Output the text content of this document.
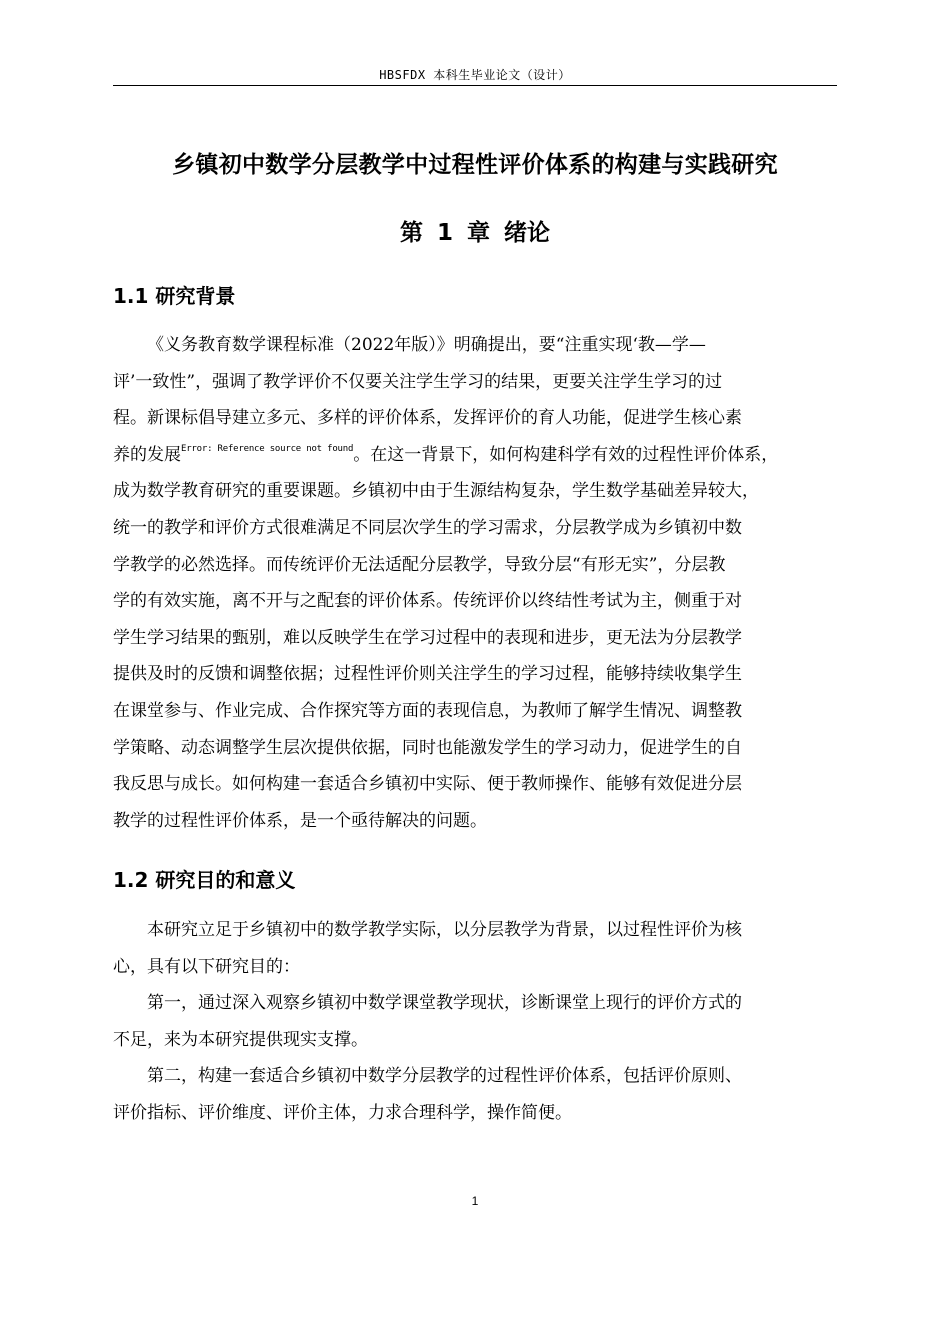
HBSFDX 本科生毕业论文（设计）
乡镇初中数学分层教学中过程性评价体系的构建与实践研究
第 1 章 绪论
1.1 研究背景
《义务教育数学课程标准（2022年版）》明确提出，要“注重实现‘教—学—
评’一致性”，强调了教学评价不仅要关注学生学习的结果，更要关注学生学习的过
程。新课标倡导建立多元、多样的评价体系，发挥评价的育人功能，促进学生核心素
养的发展$^{Error: Reference source not found}$。在这一背景下，如何构建科学有效的过程性评价体系，
成为数学教育研究的重要课题。乡镇初中由于生源结构复杂，学生数学基础差异较大，
统一的教学和评价方式很难满足不同层次学生的学习需求，分层教学成为乡镇初中数
学教学的必然选择。而传统评价无法适配分层教学，导致分层“有形无实”，分层教
学的有效实施，离不开与之配套的评价体系。传统评价以终结性考试为主，侧重于对
学生学习结果的甄别，难以反映学生在学习过程中的表现和进步，更无法为分层教学
提供及时的反馈和调整依据；过程性评价则关注学生的学习过程，能够持续收集学生
在课堂参与、作业完成、合作探究等方面的表现信息，为教师了解学生情况、调整教
学策略、动态调整学生层次提供依据，同时也能激发学生的学习动力，促进学生的自
我反思与成长。如何构建一套适合乡镇初中实际、便于教师操作、能够有效促进分层
教学的过程性评价体系，是一个亟待解决的问题。
1.2 研究目的和意义
本研究立足于乡镇初中的数学教学实际，以分层教学为背景，以过程性评价为核
心，具有以下研究目的：
第一，通过深入观察乡镇初中数学课堂教学现状，诊断课堂上现行的评价方式的
不足，来为本研究提供现实支撑。
第二，构建一套适合乡镇初中数学分层教学的过程性评价体系，包括评价原则、
评价指标、评价维度、评价主体，力求合理科学，操作简便。
1
